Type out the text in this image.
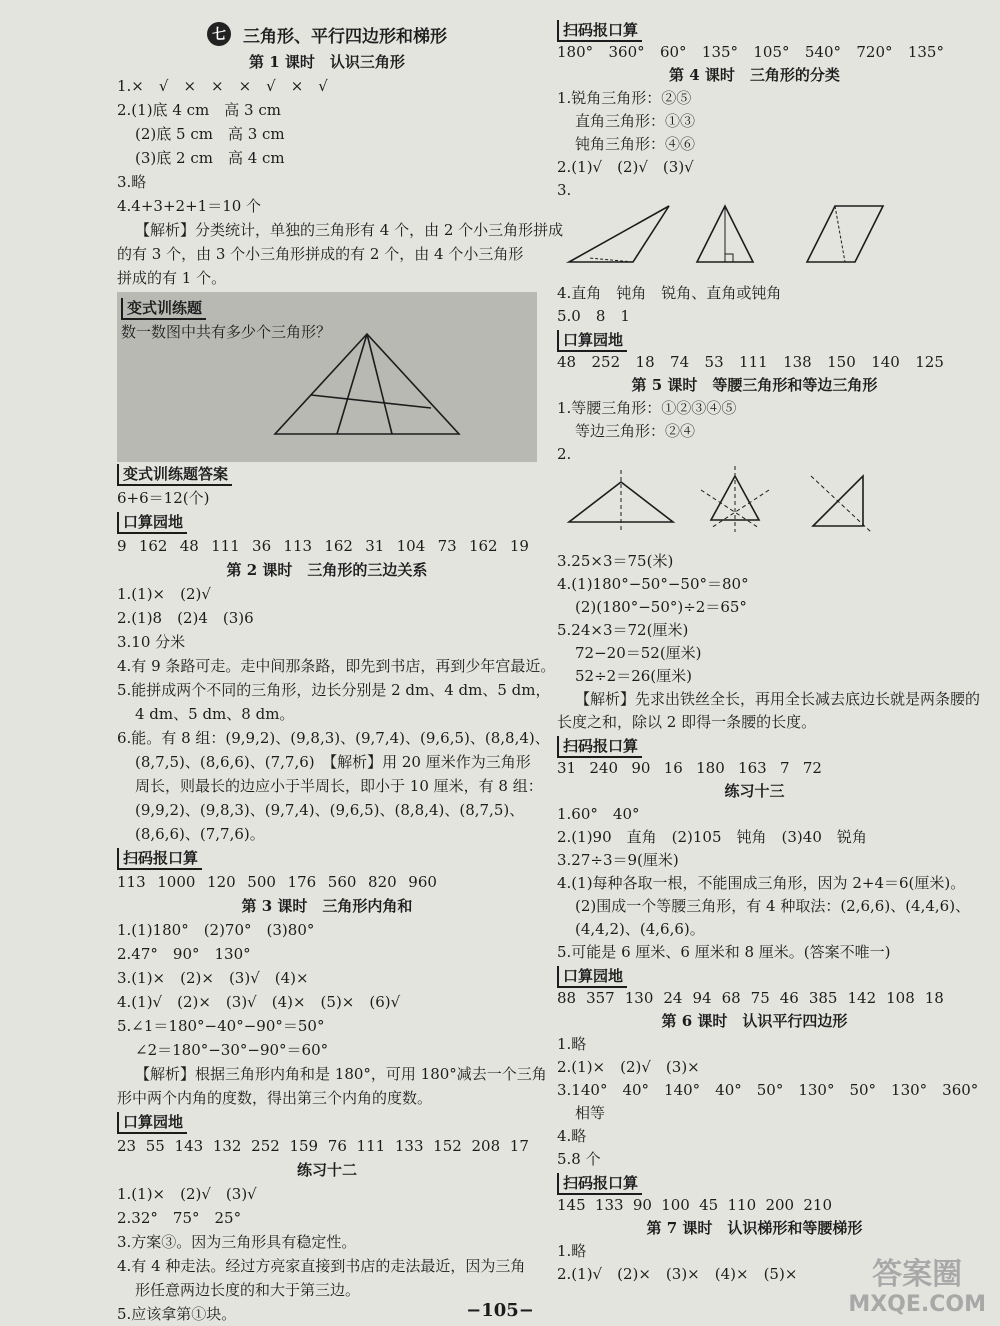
七 三角形、平行四边形和梯形
第 1 课时　认识三角形
1.×　√　×　×　×　√　×　√
2.(1)底 4 cm　高 3 cm
(2)底 5 cm　高 3 cm
(3)底 2 cm　高 4 cm
3.略
4.4+3+2+1＝10 个
【解析】分类统计，单独的三角形有 4 个，由 2 个小三角形拼成
的有 3 个，由 3 个小三角形拼成的有 2 个，由 4 个小三角形
拼成的有 1 个。
变式训练题
数一数图中共有多少个三角形？
变式训练题答案
6+6＝12(个)
口算园地
9 162 48 111 36 113 162 31 104 73 162 19
第 2 课时　三角形的三边关系
1.(1)×　(2)√
2.(1)8　(2)4　(3)6
3.10 分米
4.有 9 条路可走。走中间那条路，即先到书店，再到少年宫最近。
5.能拼成两个不同的三角形，边长分别是 2 dm、4 dm、5 dm，
4 dm、5 dm、8 dm。
6.能。有 8 组：(9,9,2)、(9,8,3)、(9,7,4)、(9,6,5)、(8,8,4)、
(8,7,5)、(8,6,6)、(7,7,6)　【解析】用 20 厘米作为三角形
周长，则最长的边应小于半周长，即小于 10 厘米，有 8 组：
(9,9,2)、(9,8,3)、(9,7,4)、(9,6,5)、(8,8,4)、(8,7,5)、
(8,6,6)、(7,7,6)。
扫码报口算
113 1000 120 500 176 560 820 960
第 3 课时　三角形内角和
1.(1)180°　(2)70°　(3)80°
2.47°　90°　130°
3.(1)×　(2)×　(3)√　(4)×
4.(1)√　(2)×　(3)√　(4)×　(5)×　(6)√
5.∠1＝180°−40°−90°＝50°
∠2＝180°−30°−90°＝60°
【解析】根据三角形内角和是 180°，可用 180°减去一个三角
形中两个内角的度数，得出第三个内角的度数。
口算园地
23 55 143 132 252 159 76 111 133 152 208 17
练习十二
1.(1)×　(2)√　(3)√
2.32°　75°　25°
3.方案③。因为三角形具有稳定性。
4.有 4 种走法。经过方亮家直接到书店的走法最近，因为三角
形任意两边长度的和大于第三边。
5.应该拿第①块。
扫码报口算
180° 360° 60° 135° 105° 540° 720° 135°
第 4 课时　三角形的分类
1.锐角三角形：②⑤
直角三角形：①③
钝角三角形：④⑥
2.(1)√　(2)√　(3)√
3.
4.直角　钝角　锐角、直角或钝角
5.0　8　1
口算园地
48 252 18 74 53 111 138 150 140 125
第 5 课时　等腰三角形和等边三角形
1.等腰三角形：①②③④⑤
等边三角形：②④
2.
3.25×3＝75(米)
4.(1)180°−50°−50°＝80°
(2)(180°−50°)÷2＝65°
5.24×3＝72(厘米)
72−20＝52(厘米)
52÷2＝26(厘米)
【解析】先求出铁丝全长，再用全长减去底边长就是两条腰的
长度之和，除以 2 即得一条腰的长度。
扫码报口算
31 240 90 16 180 163 7 72
练习十三
1.60°　40°
2.(1)90　直角　(2)105　钝角　(3)40　锐角
3.27÷3＝9(厘米)
4.(1)每种各取一根，不能围成三角形，因为 2+4＝6(厘米)。
(2)围成一个等腰三角形，有 4 种取法：(2,6,6)、(4,4,6)、
(4,4,2)、(4,6,6)。
5.可能是 6 厘米、6 厘米和 8 厘米。(答案不唯一)
口算园地
88 357 130 24 94 68 75 46 385 142 108 18
第 6 课时　认识平行四边形
1.略
2.(1)×　(2)√　(3)×
3.140°　40°　140°　40°　50°　130°　50°　130°　360°
相等
4.略
5.8 个
扫码报口算
145 133 90 100 45 110 200 210
第 7 课时　认识梯形和等腰梯形
1.略
2.(1)√　(2)×　(3)×　(4)×　(5)×
−105−
答案圈
MXQE.COM
